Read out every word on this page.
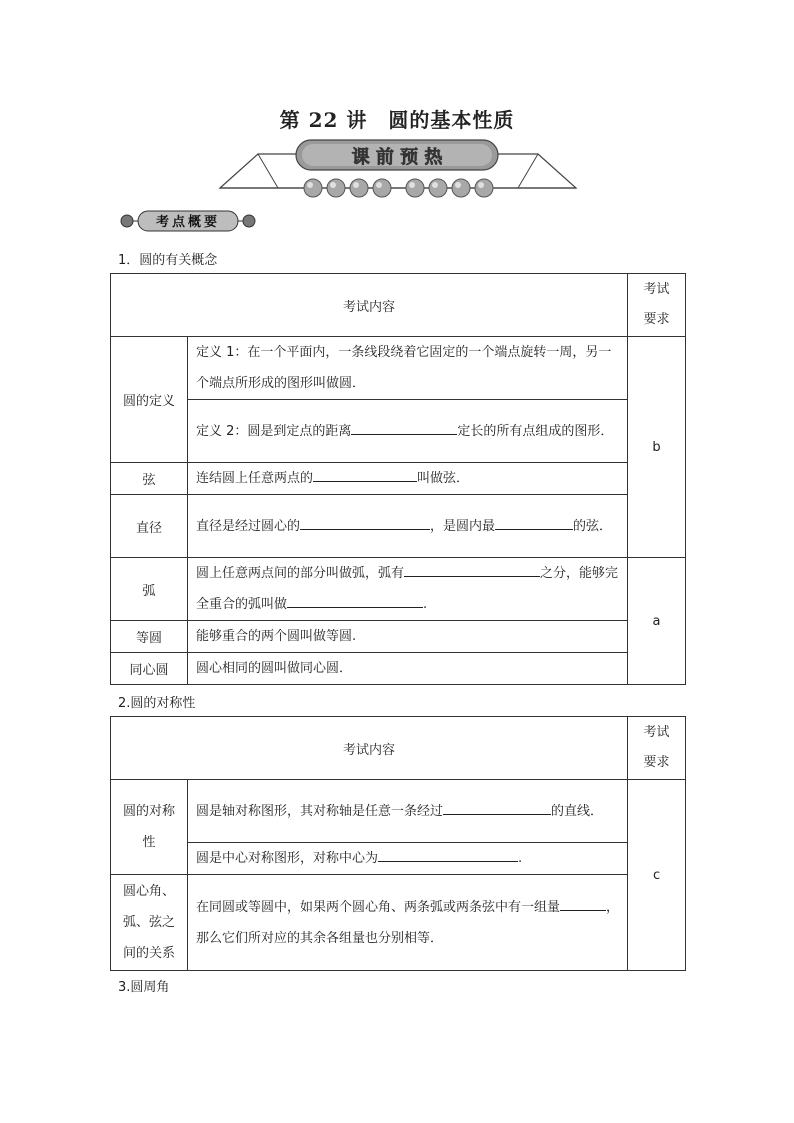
第 22 讲　圆的基本性质
课 前 预 热
考点概要
1．圆的有关概念
考试内容		考试
要求
圆的定义	定义 1：在一个平面内，一条线段绕着它固定的一个端点旋转一周，另一个端点所形成的图形叫做圆．	b
	定义 2：圆是到定点的距离 定长的所有点组成的图形．	
弦	连结圆上任意两点的 叫做弦．	
直径	直径是经过圆心的 ，是圆内最 的弦．	
弧	圆上任意两点间的部分叫做弧，弧有 之分，能够完全重合的弧叫做 .	a
等圆	能够重合的两个圆叫做等圆.	
同心圆	圆心相同的圆叫做同心圆．	
2.圆的对称性
考试内容		考试
要求
圆的对称
性	圆是轴对称图形，其对称轴是任意一条经过 的直线．	c
	圆是中心对称图形，对称中心为 .	
圆心角、
弧、弦之
间的关系	在同圆或等圆中，如果两个圆心角、两条弧或两条弦中有一组量 ，那么它们所对应的其余各组量也分别相等．	
3.圆周角
